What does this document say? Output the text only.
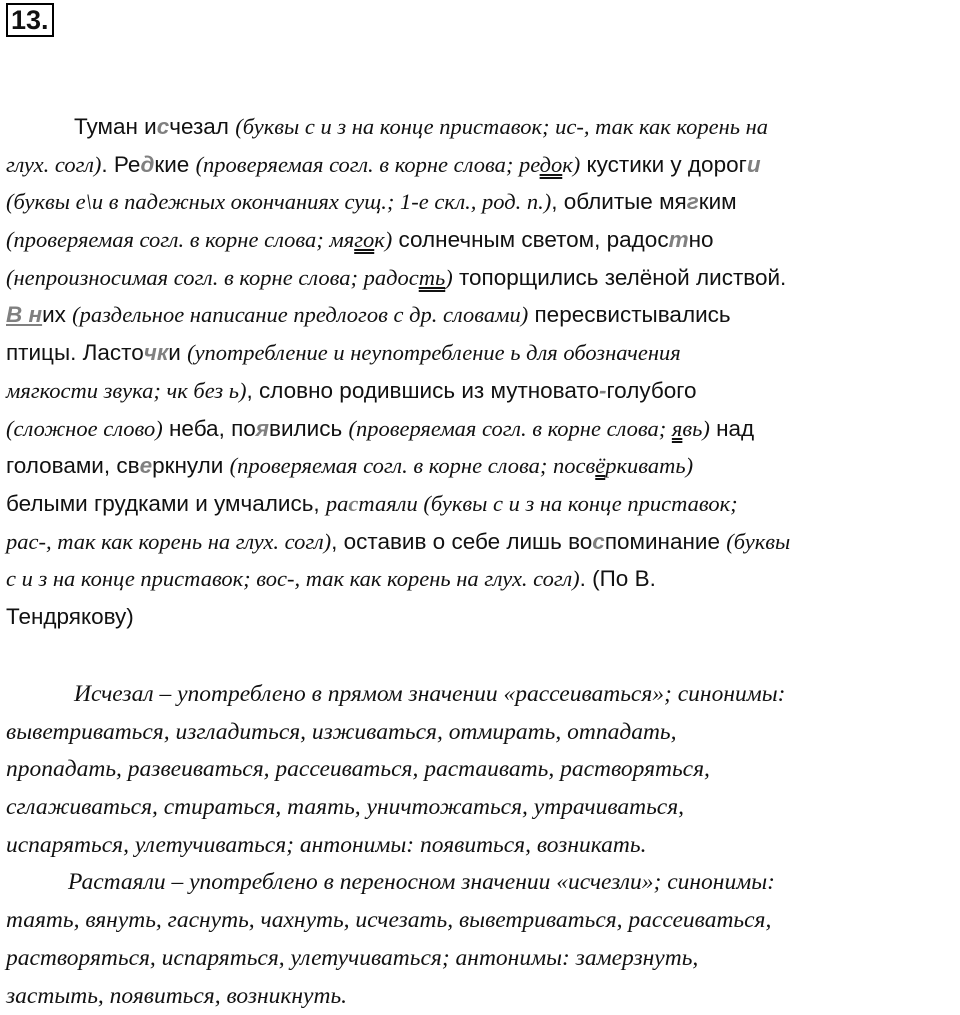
13.
Туман исчезал (буквы с и з на конце приставок; ис-, так как корень на
глух. согл). Редкие (проверяемая согл. в корне слова; редок) кустики у дороги
(буквы е\и в падежных окончаниях сущ.; 1-е скл., род. п.), облитые мягким
(проверяемая согл. в корне слова; мягок) солнечным светом, радостно
(непроизносимая согл. в корне слова; радость) топорщились зелёной листвой.
В них (раздельное написание предлогов с др. словами) пересвистывались
птицы. Ласточки (употребление и неупотребление ь для обозначения
мягкости звука; чк без ь), словно родившись из мутновато-голубого
(сложное слово) неба, появились (проверяемая согл. в корне слова; явь) над
головами, сверкнули (проверяемая согл. в корне слова; посвёркивать)
белыми грудками и умчались, растаяли (буквы с и з на конце приставок;
рас-, так как корень на глух. согл), оставив о себе лишь воспоминание (буквы
с и з на конце приставок; вос-, так как корень на глух. согл). (По В.
Тендрякову)
Исчезал – употреблено в прямом значении «рассеиваться»; синонимы:
выветриваться, изгладиться, изживаться, отмирать, отпадать,
пропадать, развеиваться, рассеиваться, растаивать, растворяться,
сглаживаться, стираться, таять, уничтожаться, утрачиваться,
испаряться, улетучиваться; антонимы: появиться, возникать.
Растаяли – употреблено в переносном значении «исчезли»; синонимы:
таять, вянуть, гаснуть, чахнуть, исчезать, выветриваться, рассеиваться,
растворяться, испаряться, улетучиваться; антонимы: замерзнуть,
застыть, появиться, возникнуть.
